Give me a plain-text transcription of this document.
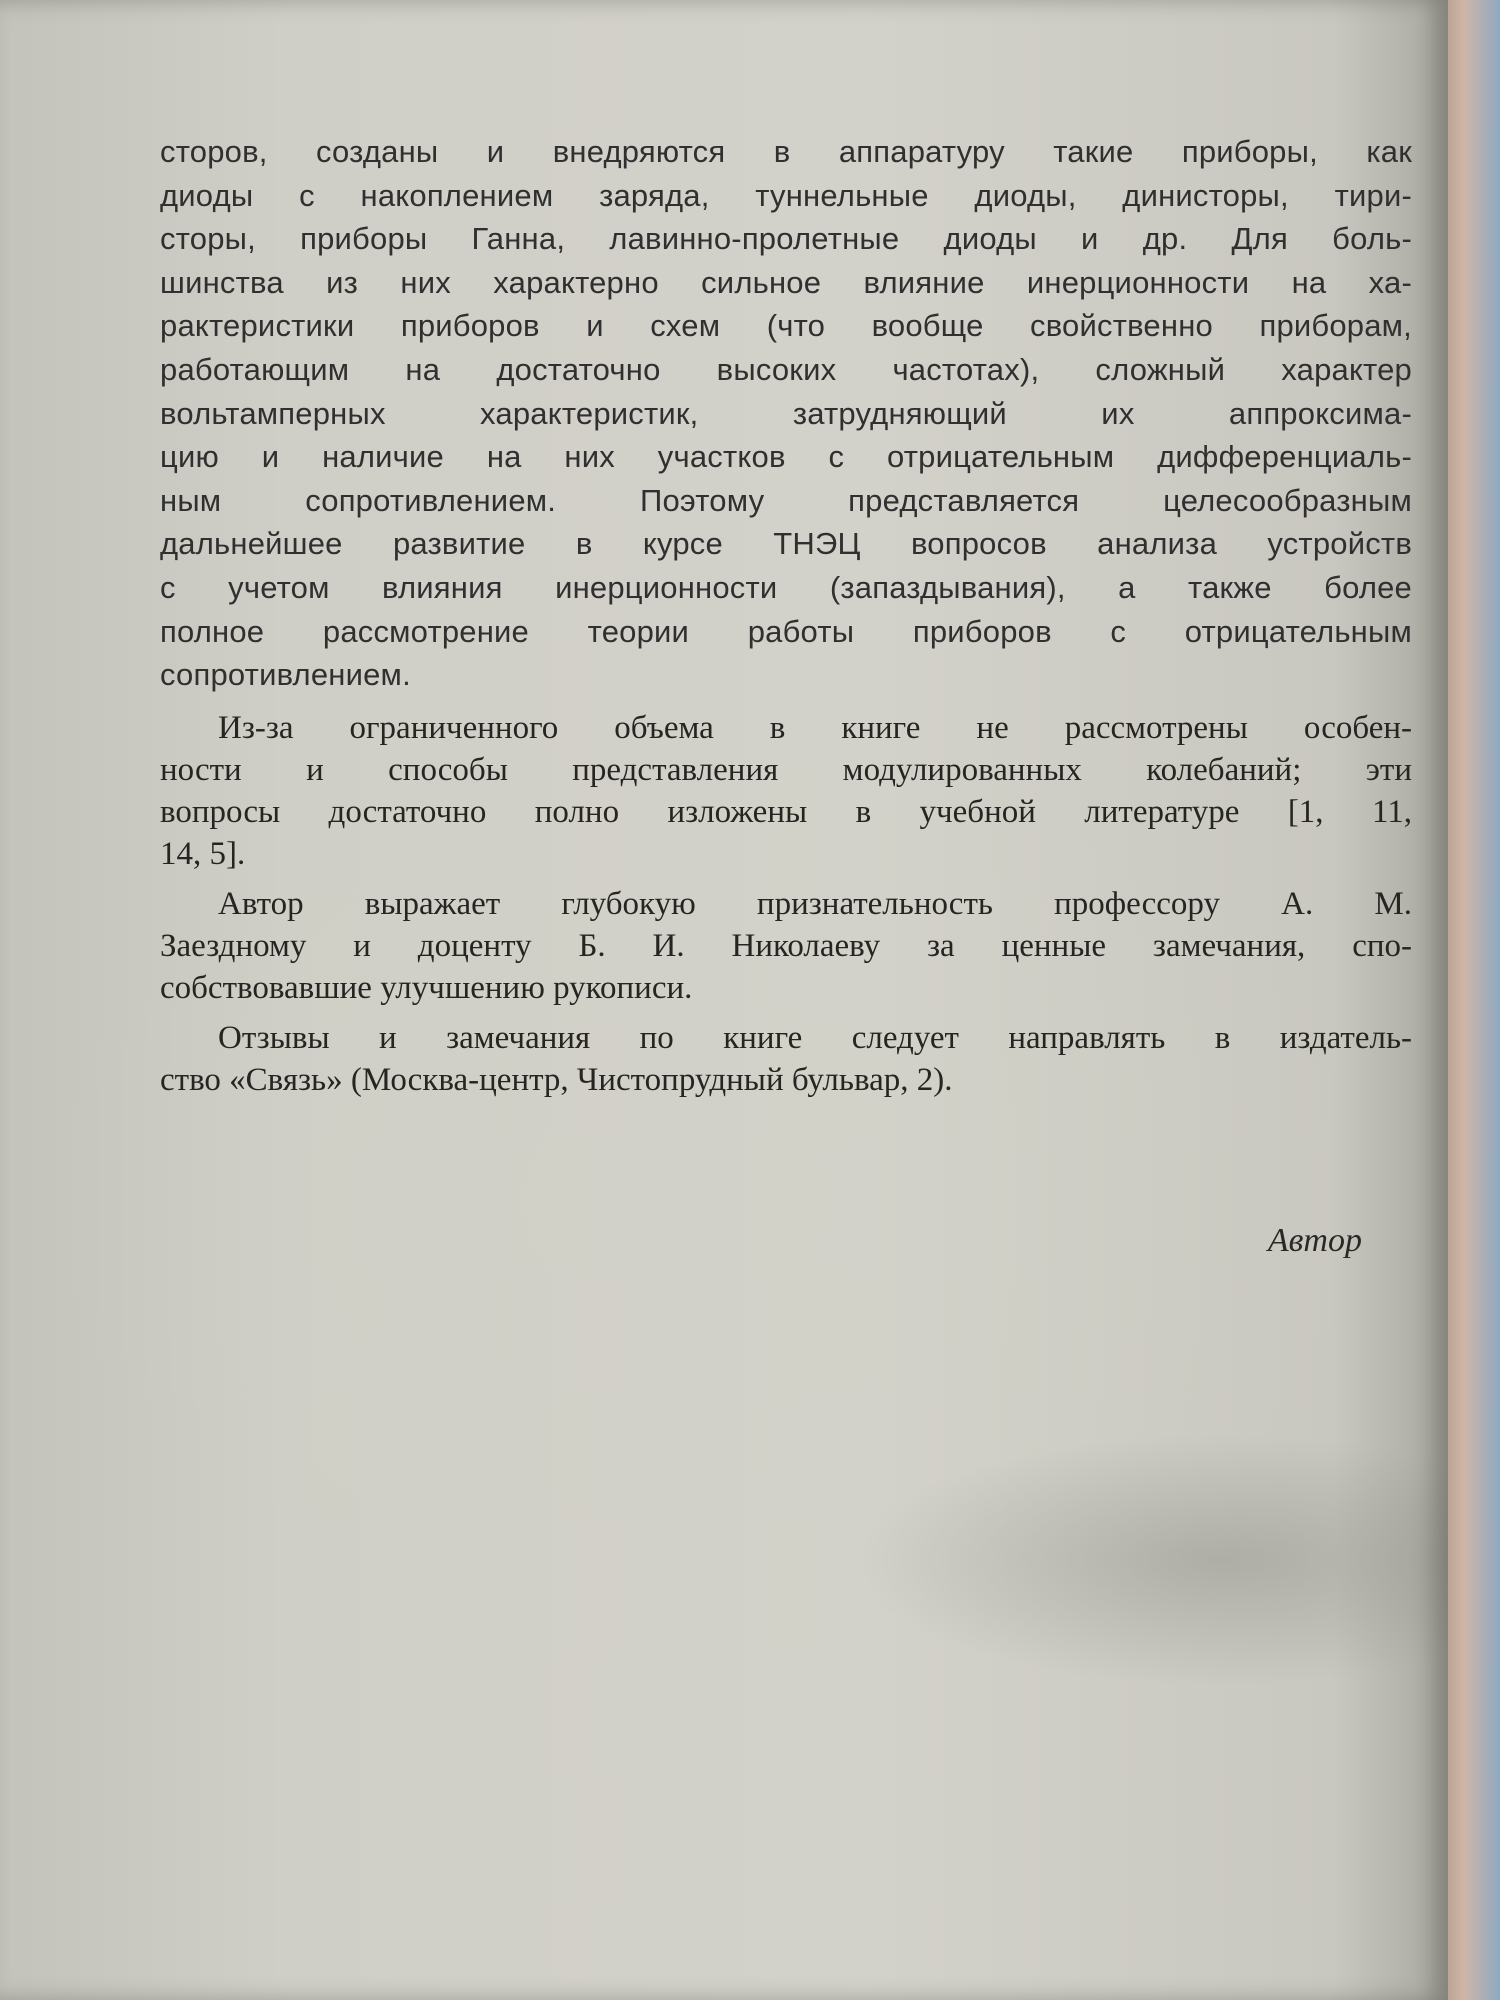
сторов, созданы и внедряются в аппаратуру такие приборы, как
диоды с накоплением заряда, туннельные диоды, динисторы, тири-
сторы, приборы Ганна, лавинно-пролетные диоды и др. Для боль-
шинства из них характерно сильное влияние инерционности на ха-
рактеристики приборов и схем (что вообще свойственно приборам,
работающим на достаточно высоких частотах), сложный характер
вольтамперных характеристик, затрудняющий их аппроксима-
цию и наличие на них участков с отрицательным дифференциаль-
ным сопротивлением. Поэтому представляется целесообразным
дальнейшее развитие в курсе ТНЭЦ вопросов анализа устройств
с учетом влияния инерционности (запаздывания), а также более
полное рассмотрение теории работы приборов с отрицательным
сопротивлением.
Из-за ограниченного объема в книге не рассмотрены особен-
ности и способы представления модулированных колебаний; эти
вопросы достаточно полно изложены в учебной литературе [1, 11,
14, 5].
Автор выражает глубокую признательность профессору А. М.
Заездному и доценту Б. И. Николаеву за ценные замечания, спо-
собствовавшие улучшению рукописи.
Отзывы и замечания по книге следует направлять в издатель-
ство «Связь» (Москва-центр, Чистопрудный бульвар, 2).
Автор
